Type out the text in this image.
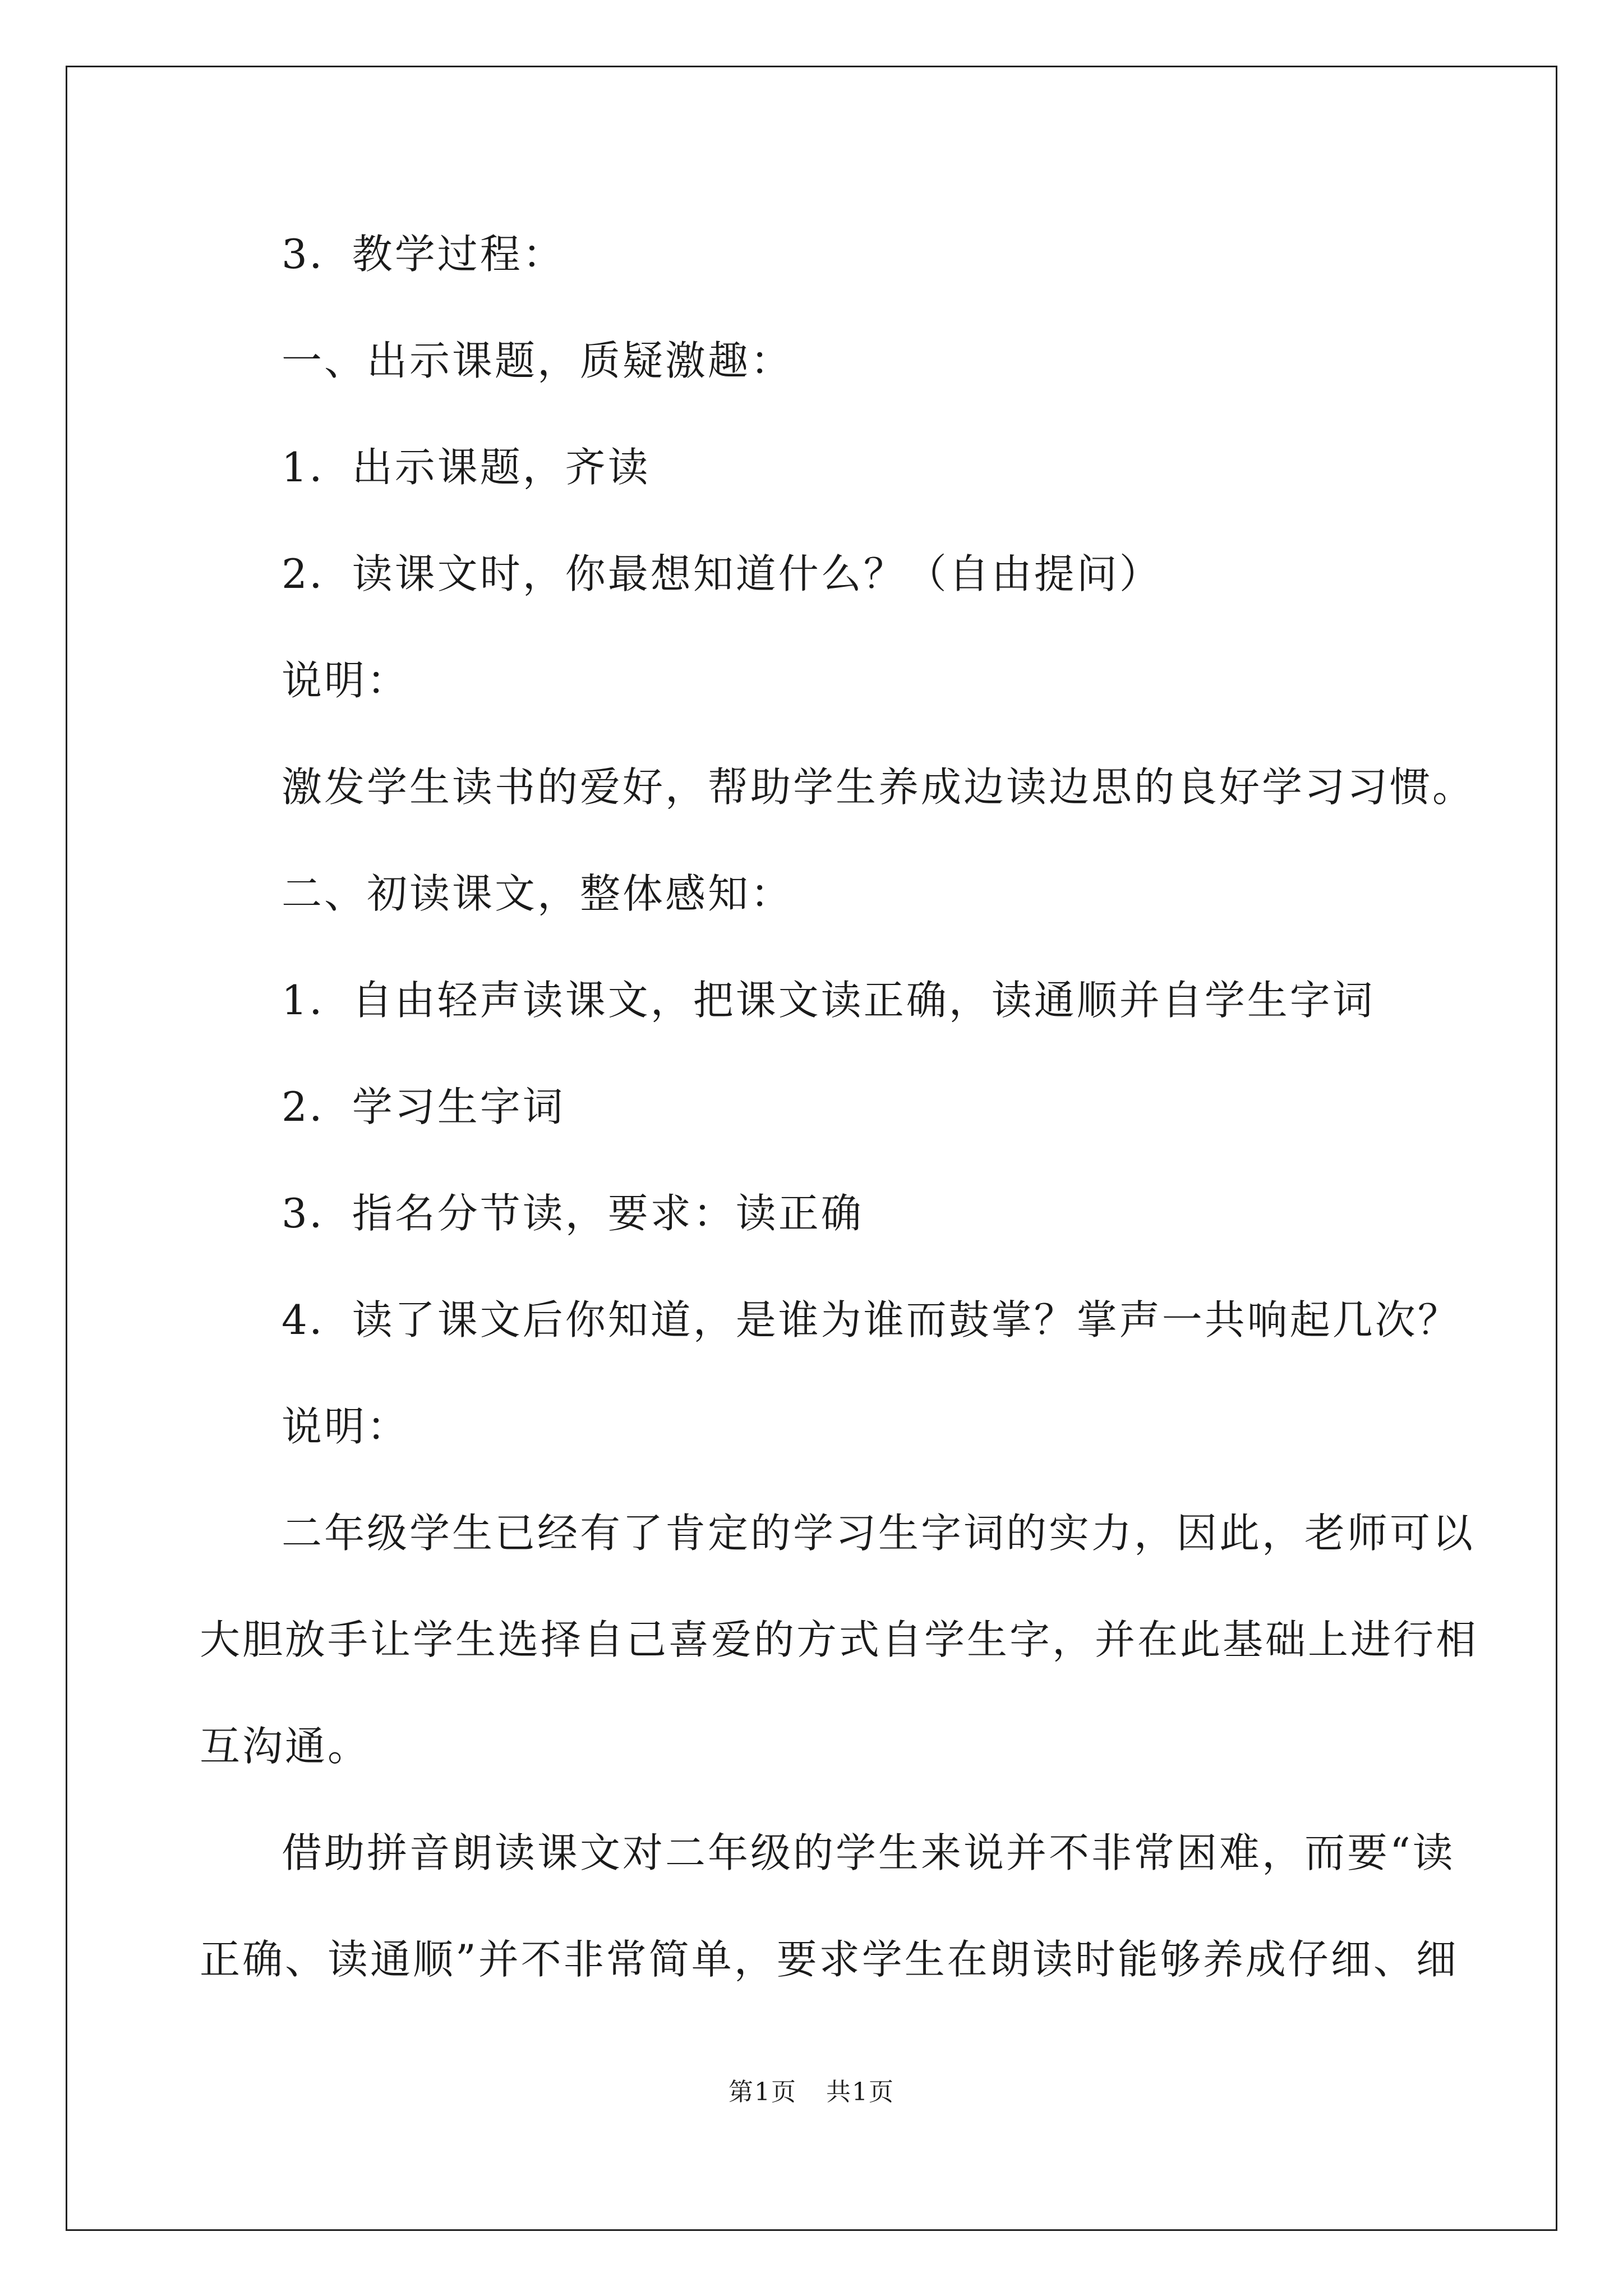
3．教学过程：
一、出示课题，质疑激趣：
1．出示课题，齐读
2．读课文时，你最想知道什么？（自由提问）
说明：
激发学生读书的爱好，帮助学生养成边读边思的良好学习习惯。
二、初读课文，整体感知：
1．自由轻声读课文，把课文读正确，读通顺并自学生字词
2．学习生字词
3．指名分节读，要求：读正确
4．读了课文后你知道，是谁为谁而鼓掌？掌声一共响起几次？
说明：
二年级学生已经有了肯定的学习生字词的实力，因此，老师可以
大胆放手让学生选择自己喜爱的方式自学生字，并在此基础上进行相
互沟通。
借助拼音朗读课文对二年级的学生来说并不非常困难，而要“读
正确、读通顺”并不非常简单，要求学生在朗读时能够养成仔细、细
第1页 共1页
